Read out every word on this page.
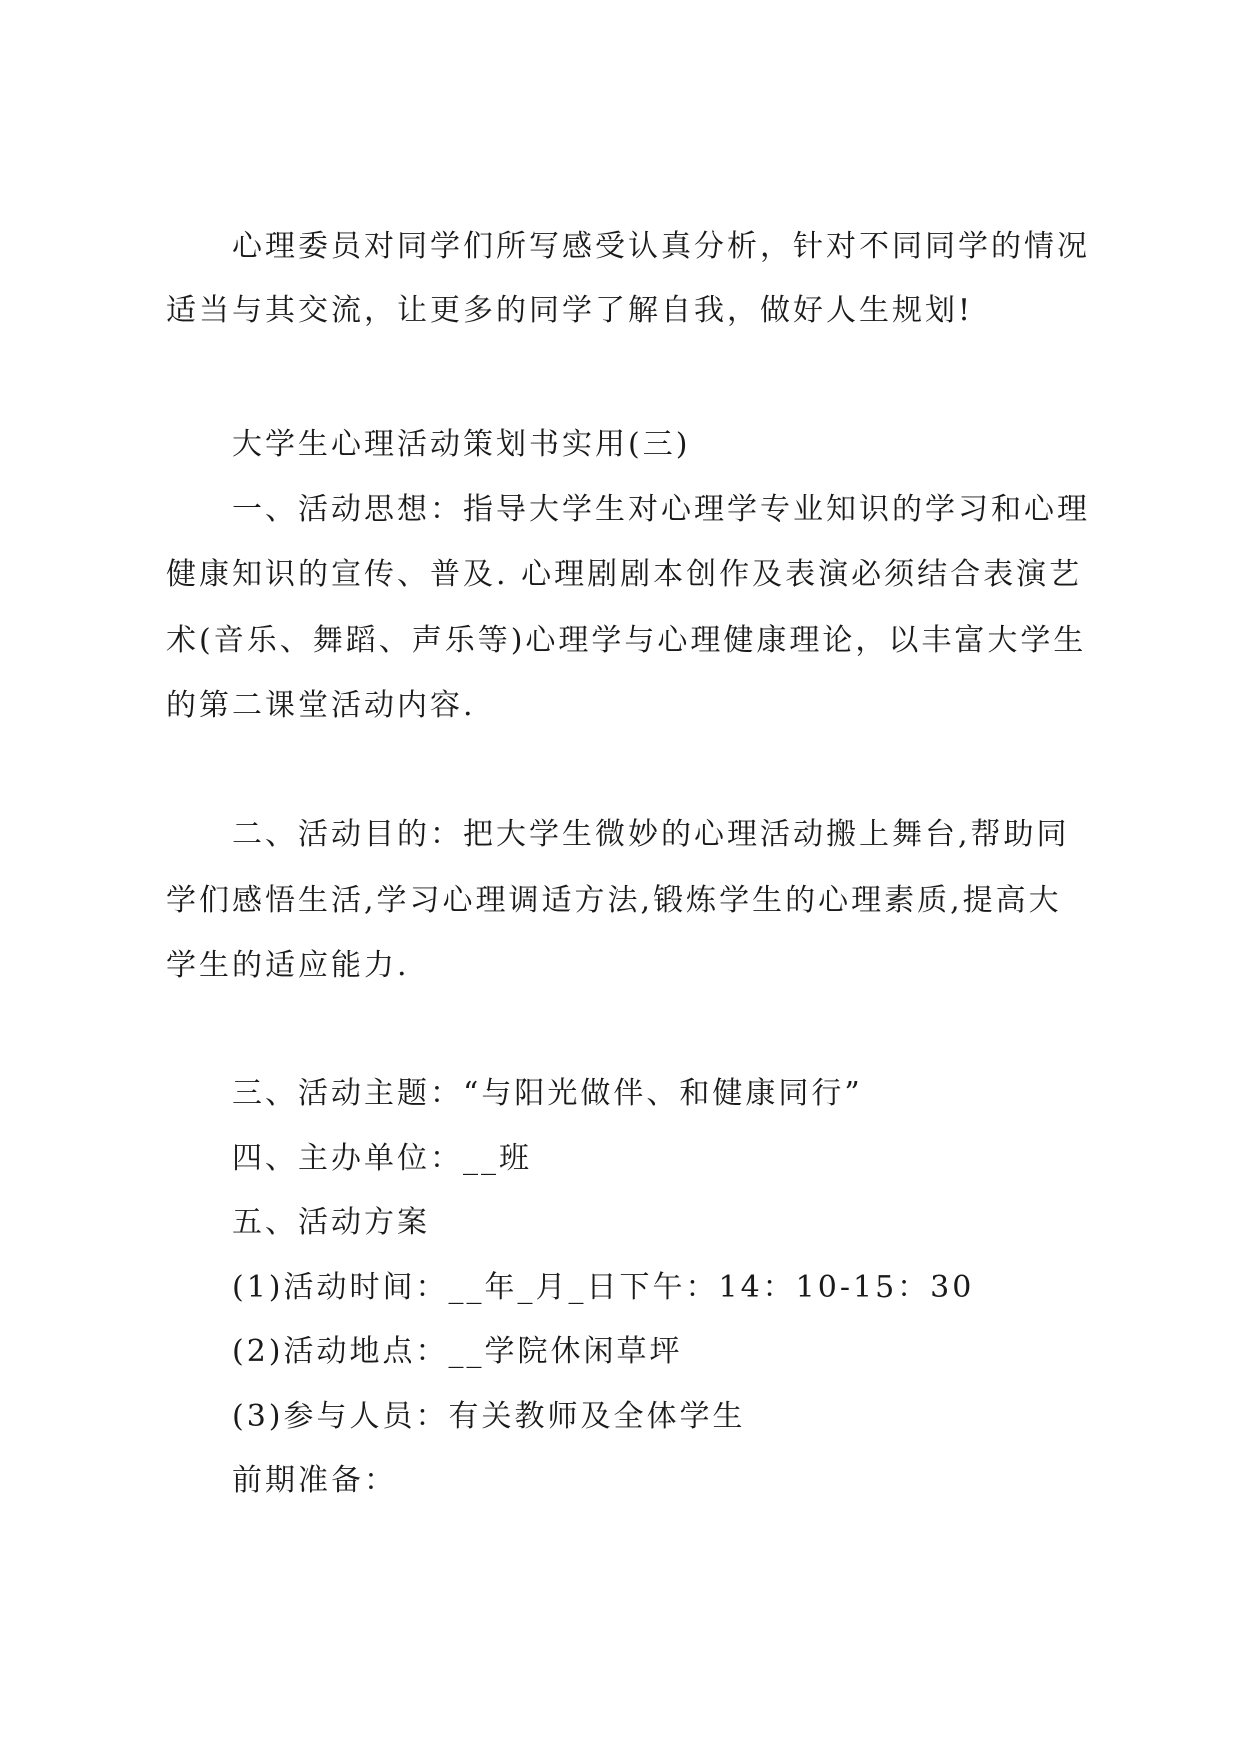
心理委员对同学们所写感受认真分析，针对不同同学的情况

适当与其交流，让更多的同学了解自我，做好人生规划!

大学生心理活动策划书实用(三)

一、活动思想：指导大学生对心理学专业知识的学习和心理

健康知识的宣传、普及. 心理剧剧本创作及表演必须结合表演艺

术(音乐、舞蹈、声乐等)心理学与心理健康理论，以丰富大学生

的第二课堂活动内容.

二、活动目的：把大学生微妙的心理活动搬上舞台,帮助同

学们感悟生活,学习心理调适方法,锻炼学生的心理素质,提高大

学生的适应能力.

三、活动主题：“与阳光做伴、和健康同行”

四、主办单位：__班

五、活动方案

(1)活动时间：__年_月_日下午：14：10-15：30

(2)活动地点：__学院休闲草坪

(3)参与人员：有关教师及全体学生

前期准备：
